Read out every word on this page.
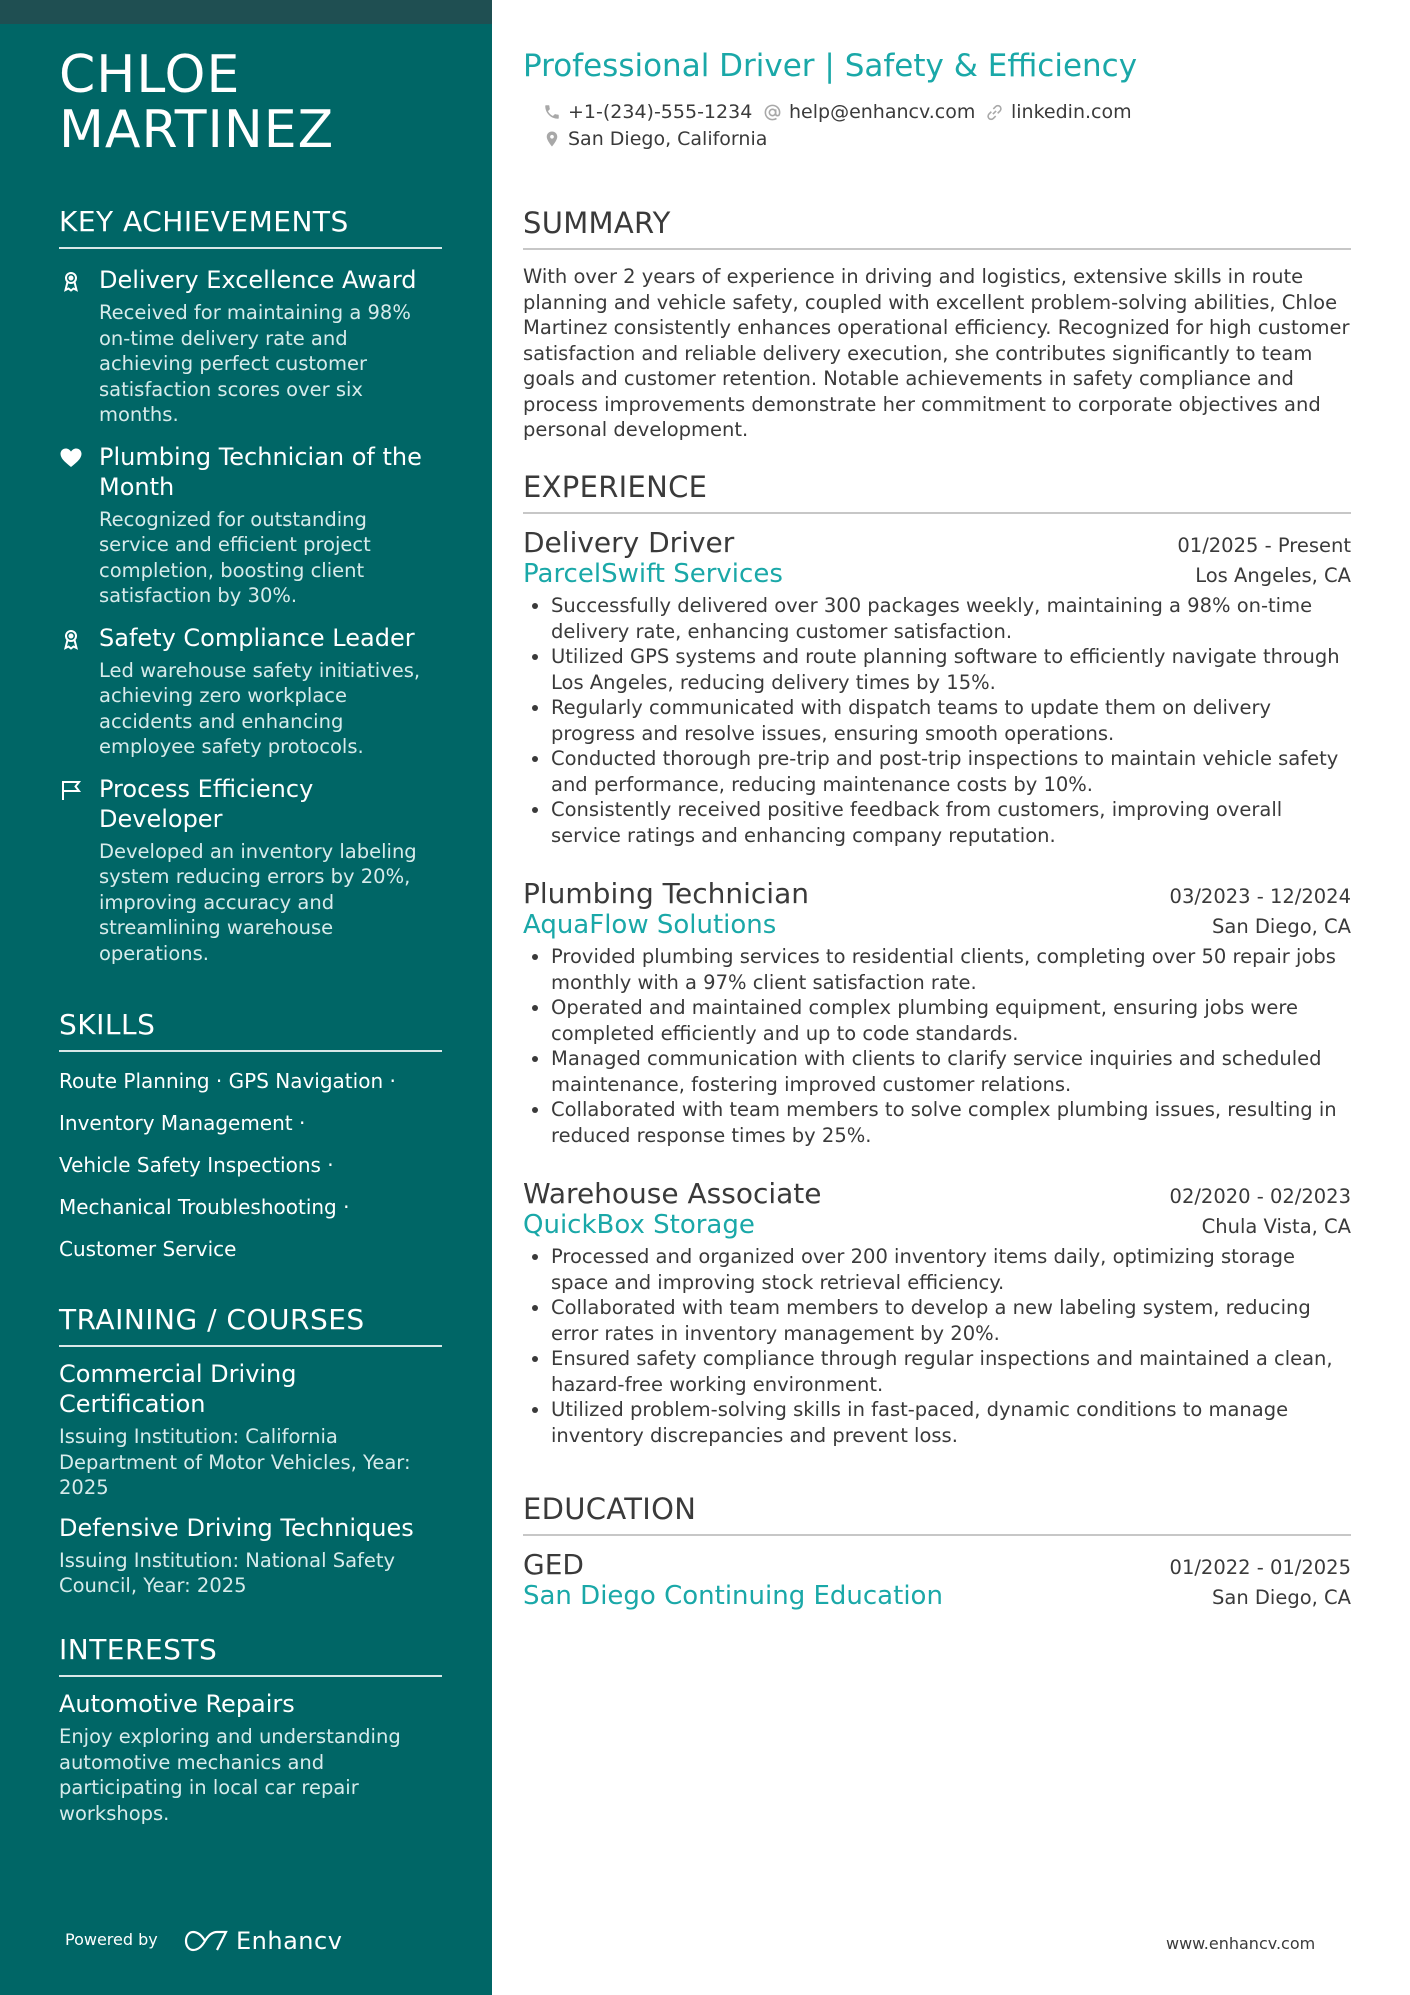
CHLOE
MARTINEZ
KEY ACHIEVEMENTS
Delivery Excellence Award
Received for maintaining a 98% on-time delivery rate and achieving perfect customer satisfaction scores over six months.
Plumbing Technician of the Month
Recognized for outstanding service and efficient project completion, boosting client satisfaction by 30%.
Safety Compliance Leader
Led warehouse safety initiatives, achieving zero workplace accidents and enhancing employee safety protocols.
Process Efficiency Developer
Developed an inventory labeling system reducing errors by 20%, improving accuracy and streamlining warehouse operations.
SKILLS
Route Planning · GPS Navigation ·
Inventory Management ·
Vehicle Safety Inspections ·
Mechanical Troubleshooting ·
Customer Service
TRAINING / COURSES
Commercial Driving Certification
Issuing Institution: California Department of Motor Vehicles, Year: 2025
Defensive Driving Techniques
Issuing Institution: National Safety Council, Year: 2025
INTERESTS
Automotive Repairs
Enjoy exploring and understanding automotive mechanics and participating in local car repair workshops.
Powered by	Enhancv
Professional Driver | Safety & Efficiency
+1-(234)-555-1234 help@enhancv.com linkedin.com
San Diego, California
SUMMARY

With over 2 years of experience in driving and logistics, extensive skills in route planning and vehicle safety, coupled with excellent problem-solving abilities, Chloe Martinez consistently enhances operational efficiency. Recognized for high customer satisfaction and reliable delivery execution, she contributes significantly to team goals and customer retention. Notable achievements in safety compliance and process improvements demonstrate her commitment to corporate objectives and personal development.

EXPERIENCE
Delivery Driver	01/2025 - Present
ParcelSwift Services	Los Angeles, CA
• Successfully delivered over 300 packages weekly, maintaining a 98% on-time delivery rate, enhancing customer satisfaction.
• Utilized GPS systems and route planning software to efficiently navigate through Los Angeles, reducing delivery times by 15%.
• Regularly communicated with dispatch teams to update them on delivery progress and resolve issues, ensuring smooth operations.
• Conducted thorough pre-trip and post-trip inspections to maintain vehicle safety and performance, reducing maintenance costs by 10%.
• Consistently received positive feedback from customers, improving overall service ratings and enhancing company reputation.
Plumbing Technician	03/2023 - 12/2024
AquaFlow Solutions	San Diego, CA
• Provided plumbing services to residential clients, completing over 50 repair jobs monthly with a 97% client satisfaction rate.
• Operated and maintained complex plumbing equipment, ensuring jobs were completed efficiently and up to code standards.
• Managed communication with clients to clarify service inquiries and scheduled maintenance, fostering improved customer relations.
• Collaborated with team members to solve complex plumbing issues, resulting in reduced response times by 25%.
Warehouse Associate	02/2020 - 02/2023
QuickBox Storage	Chula Vista, CA
• Processed and organized over 200 inventory items daily, optimizing storage space and improving stock retrieval efficiency.
• Collaborated with team members to develop a new labeling system, reducing error rates in inventory management by 20%.
• Ensured safety compliance through regular inspections and maintained a clean, hazard-free working environment.
• Utilized problem-solving skills in fast-paced, dynamic conditions to manage inventory discrepancies and prevent loss.
EDUCATION
GED	01/2022 - 01/2025
San Diego Continuing Education	San Diego, CA
www.enhancv.com
